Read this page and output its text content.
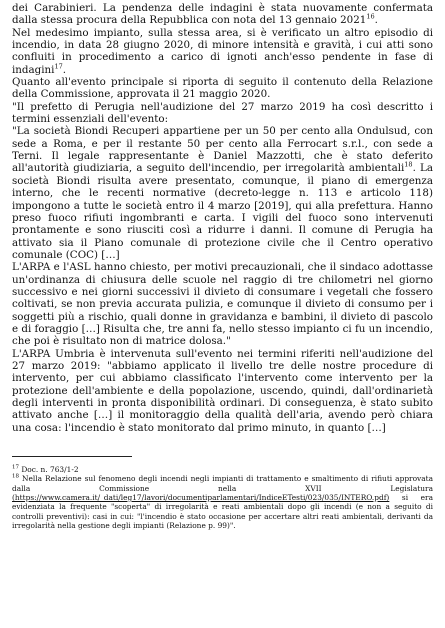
dei Carabinieri. La pendenza delle indagini è stata nuovamente confermata dalla stessa procura della Repubblica con nota del 13 gennaio 2021$^{16}$.

Nel medesimo impianto, sulla stessa area, si è verificato un altro episodio di incendio, in data 28 giugno 2020, di minore intensità e gravità, i cui atti sono confluiti in procedimento a carico di ignoti anch'esso pendente in fase di indagini$^{17}$.

Quanto all'evento principale si riporta di seguito il contenuto della Relazione della Commissione, approvata il 21 maggio 2020.

"Il prefetto di Perugia nell'audizione del 27 marzo 2019 ha così descritto i termini essenziali dell'evento:

"La società Biondi Recuperi appartiene per un 50 per cento alla Ondulsud, con sede a Roma, e per il restante 50 per cento alla Ferrocart s.r.l., con sede a Terni. Il legale rappresentante è Daniel Mazzotti, che è stato deferito all'autorità giudiziaria, a seguito dell'incendio, per irregolarità ambientali$^{18}$. La società Biondi risulta avere presentato, comunque, il piano di emergenza interno, che le recenti normative (decreto-legge n. 113 e articolo 118) impongono a tutte le società entro il 4 marzo [2019], qui alla prefettura. Hanno preso fuoco rifiuti ingombranti e carta. I vigili del fuoco sono intervenuti prontamente e sono riusciti così a ridurre i danni. Il comune di Perugia ha attivato sia il Piano comunale di protezione civile che il Centro operativo comunale (COC) […]

L'ARPA e l'ASL hanno chiesto, per motivi precauzionali, che il sindaco adottasse un'ordinanza di chiusura delle scuole nel raggio di tre chilometri nel giorno successivo e nei giorni successivi il divieto di consumare i vegetali che fossero coltivati, se non previa accurata pulizia, e comunque il divieto di consumo per i soggetti più a rischio, quali donne in gravidanza e bambini, il divieto di pascolo e di foraggio […] Risulta che, tre anni fa, nello stesso impianto ci fu un incendio, che poi è risultato non di matrice dolosa."

L'ARPA Umbria è intervenuta sull'evento nei termini riferiti nell'audizione del 27 marzo 2019: "abbiamo applicato il livello tre delle nostre procedure di intervento, per cui abbiamo classificato l'intervento come intervento per la protezione dell'ambiente e della popolazione, uscendo, quindi, dall'ordinarietà degli interventi in pronta disponibilità ordinari. Di conseguenza, è stato subito attivato anche […] il monitoraggio della qualità dell'aria, avendo però chiara una cosa: l'incendio è stato monitorato dal primo minuto, in quanto […]

$^{17}$ Doc. n. 763/1-2

$^{18}$ Nella Relazione sul fenomeno degli incendi negli impianti di trattamento e smaltimento di rifiuti approvata dalla Commissione nella XVII Legislatura (https://www.camera.it/_dati/leg17/lavori/documentiparlamentari/IndiceETesti/023/035/INTERO.pdf) si era evidenziata la frequente "scoperta" di irregolarità e reati ambientali dopo gli incendi (e non a seguito di controlli preventivi): casi in cui: "l'incendio è stato occasione per accertare altri reati ambientali, derivanti da irregolarità nella gestione degli impianti (Relazione p. 99)".
